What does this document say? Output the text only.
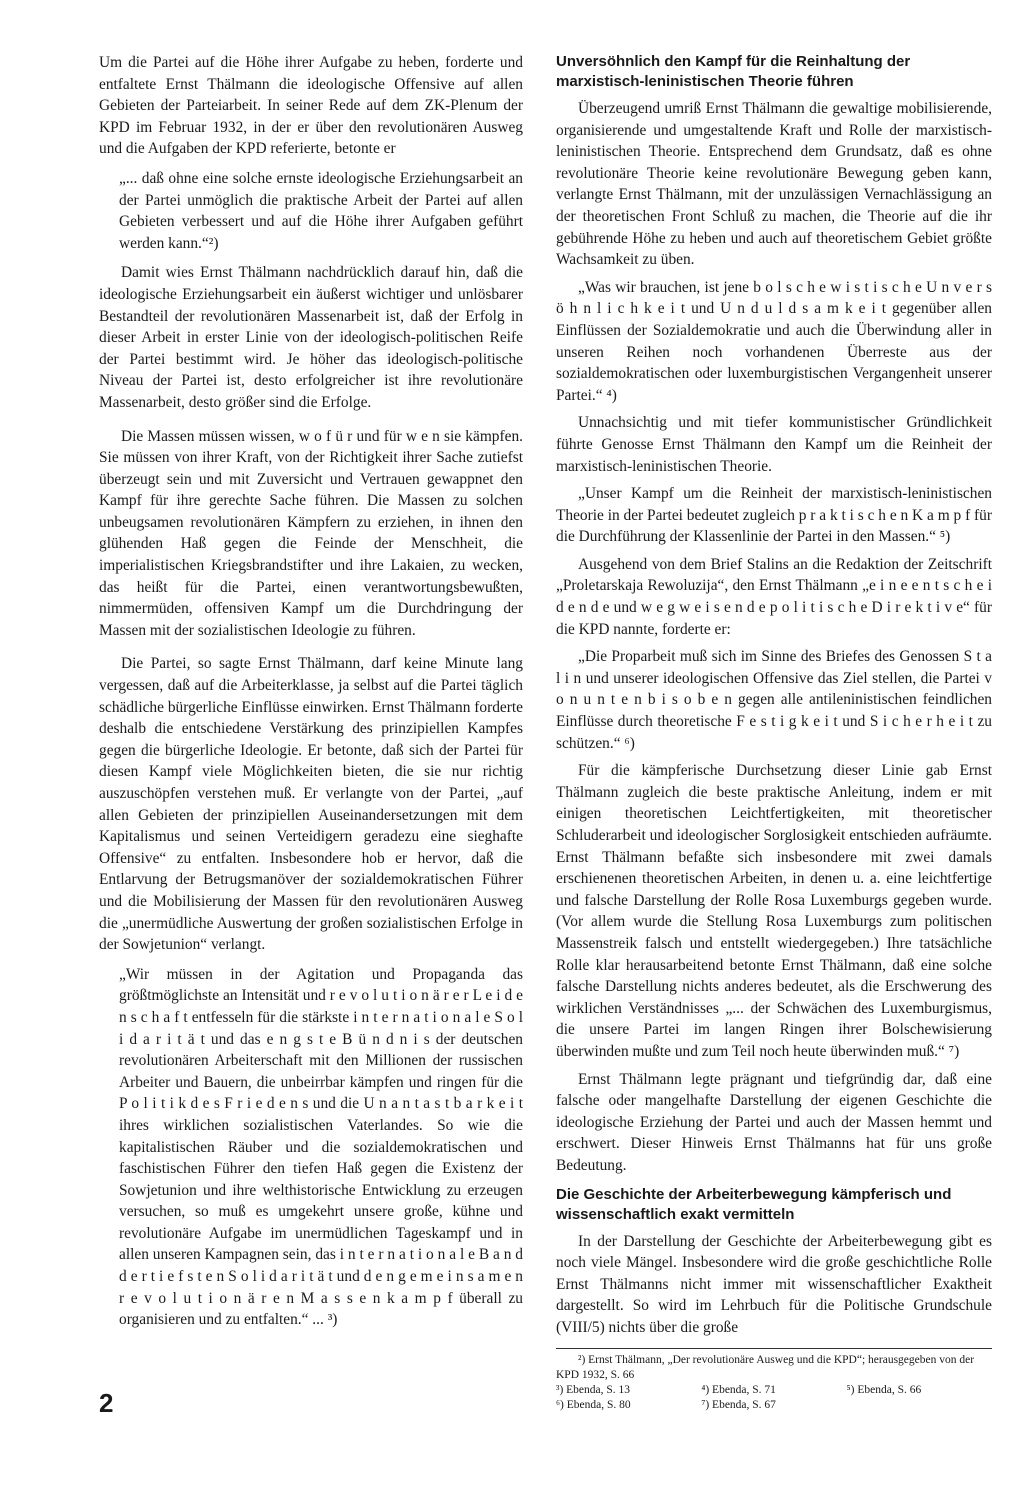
Um die Partei auf die Höhe ihrer Aufgabe zu heben, forderte und entfaltete Ernst Thälmann die ideologische Offensive auf allen Gebieten der Parteiarbeit. In seiner Rede auf dem ZK-Plenum der KPD im Februar 1932, in der er über den revolutionären Ausweg und die Aufgaben der KPD referierte, betonte er

„... daß ohne eine solche ernste ideologische Erziehungsarbeit an der Partei unmöglich die praktische Arbeit der Partei auf allen Gebieten verbessert und auf die Höhe ihrer Aufgaben geführt werden kann.“²)

Damit wies Ernst Thälmann nachdrücklich darauf hin, daß die ideologische Erziehungsarbeit ein äußerst wichtiger und unlösbarer Bestandteil der revolutionären Massenarbeit ist, daß der Erfolg in dieser Arbeit in erster Linie von der ideologisch-politischen Reife der Partei bestimmt wird. Je höher das ideologisch-politische Niveau der Partei ist, desto erfolgreicher ist ihre revolutionäre Massenarbeit, desto größer sind die Erfolge.

Die Massen müssen wissen, w o f ü r und für w e n sie kämpfen. Sie müssen von ihrer Kraft, von der Richtigkeit ihrer Sache zutiefst überzeugt sein und mit Zuversicht und Vertrauen gewappnet den Kampf für ihre gerechte Sache führen. Die Massen zu solchen unbeugsamen revolutionären Kämpfern zu erziehen, in ihnen den glühenden Haß gegen die Feinde der Menschheit, die imperialistischen Kriegsbrandstifter und ihre Lakaien, zu wecken, das heißt für die Partei, einen verantwortungsbewußten, nimmermüden, offensiven Kampf um die Durchdringung der Massen mit der sozialistischen Ideologie zu führen.

Die Partei, so sagte Ernst Thälmann, darf keine Minute lang vergessen, daß auf die Arbeiterklasse, ja selbst auf die Partei täglich schädliche bürgerliche Einflüsse einwirken. Ernst Thälmann forderte deshalb die entschiedene Verstärkung des prinzipiellen Kampfes gegen die bürgerliche Ideologie. Er betonte, daß sich der Partei für diesen Kampf viele Möglichkeiten bieten, die sie nur richtig auszuschöpfen verstehen muß. Er verlangte von der Partei, „auf allen Gebieten der prinzipiellen Auseinandersetzungen mit dem Kapitalismus und seinen Verteidigern geradezu eine sieghafte Offensive“ zu entfalten. Insbesondere hob er hervor, daß die Entlarvung der Betrugsmanöver der sozialdemokratischen Führer und die Mobilisierung der Massen für den revolutionären Ausweg die „unermüdliche Auswertung der großen sozialistischen Erfolge in der Sowjetunion“ verlangt.

„Wir müssen in der Agitation und Propaganda das größtmöglichste an Intensität und r e v o l u t i o n ä r e r L e i d e n s c h a f t entfesseln für die stärkste i n t e r n a t i o n a l e S o l i d a r i t ä t und das e n g s t e B ü n d n i s der deutschen revolutionären Arbeiterschaft mit den Millionen der russischen Arbeiter und Bauern, die unbeirrbar kämpfen und ringen für die P o l i t i k d e s F r i e d e n s und die U n a n t a s t b a r k e i t ihres wirklichen sozialistischen Vaterlandes. So wie die kapitalistischen Räuber und die sozialdemokratischen und faschistischen Führer den tiefen Haß gegen die Existenz der Sowjetunion und ihre welthistorische Entwicklung zu erzeugen versuchen, so muß es umgekehrt unsere große, kühne und revolutionäre Aufgabe im unermüdlichen Tageskampf und in allen unseren Kampagnen sein, das i n t e r n a t i o n a l e B a n d d e r t i e f s t e n S o l i d a r i t ä t und d e n g e m e i n s a m e n r e v o l u t i o n ä r e n M a s s e n k a m p f überall zu organisieren und zu entfalten.“ ... ³)

Unversöhnlich den Kampf für die Reinhaltung der marxistisch-leninistischen Theorie führen

Überzeugend umriß Ernst Thälmann die gewaltige mobilisierende, organisierende und umgestaltende Kraft und Rolle der marxistisch-leninistischen Theorie. Entsprechend dem Grundsatz, daß es ohne revolutionäre Theorie keine revolutionäre Bewegung geben kann, verlangte Ernst Thälmann, mit der unzulässigen Vernachlässigung an der theoretischen Front Schluß zu machen, die Theorie auf die ihr gebührende Höhe zu heben und auch auf theoretischem Gebiet größte Wachsamkeit zu üben.

„Was wir brauchen, ist jene b o l s c h e w i s t i s c h e U n v e r s ö h n l i c h k e i t und U n d u l d s a m k e i t gegenüber allen Einflüssen der Sozialdemokratie und auch die Überwindung aller in unseren Reihen noch vorhandenen Überreste aus der sozialdemokratischen oder luxemburgistischen Vergangenheit unserer Partei.“ ⁴)

Unnachsichtig und mit tiefer kommunistischer Gründlichkeit führte Genosse Ernst Thälmann den Kampf um die Reinheit der marxistisch-leninistischen Theorie.

„Unser Kampf um die Reinheit der marxistisch-leninistischen Theorie in der Partei bedeutet zugleich p r a k t i s c h e n K a m p f für die Durchführung der Klassenlinie der Partei in den Massen.“ ⁵)

Ausgehend von dem Brief Stalins an die Redaktion der Zeitschrift „Proletarskaja Rewoluzija“, den Ernst Thälmann „e i n e e n t s c h e i d e n d e und w e g w e i s e n d e p o l i t i s c h e D i r e k t i v e“ für die KPD nannte, forderte er:

„Die Proparbeit muß sich im Sinne des Briefes des Genossen S t a l i n und unserer ideologischen Offensive das Ziel stellen, die Partei v o n u n t e n b i s o b e n gegen alle antileninistischen feindlichen Einflüsse durch theoretische F e s t i g k e i t und S i c h e r h e i t zu schützen.“ ⁶)

Für die kämpferische Durchsetzung dieser Linie gab Ernst Thälmann zugleich die beste praktische Anleitung, indem er mit einigen theoretischen Leichtfertigkeiten, mit theoretischer Schluderarbeit und ideologischer Sorglosigkeit entschieden aufräumte. Ernst Thälmann befaßte sich insbesondere mit zwei damals erschienenen theoretischen Arbeiten, in denen u. a. eine leichtfertige und falsche Darstellung der Rolle Rosa Luxemburgs gegeben wurde. (Vor allem wurde die Stellung Rosa Luxemburgs zum politischen Massenstreik falsch und entstellt wiedergegeben.) Ihre tatsächliche Rolle klar herausarbeitend betonte Ernst Thälmann, daß eine solche falsche Darstellung nichts anderes bedeutet, als die Erschwerung des wirklichen Verständnisses „... der Schwächen des Luxemburgismus, die unsere Partei im langen Ringen ihrer Bolschewisierung überwinden mußte und zum Teil noch heute überwinden muß.“ ⁷)

Ernst Thälmann legte prägnant und tiefgründig dar, daß eine falsche oder mangelhafte Darstellung der eigenen Geschichte die ideologische Erziehung der Partei und auch der Massen hemmt und erschwert. Dieser Hinweis Ernst Thälmanns hat für uns große Bedeutung.

Die Geschichte der Arbeiterbewegung kämpferisch und wissenschaftlich exakt vermitteln

In der Darstellung der Geschichte der Arbeiterbewegung gibt es noch viele Mängel. Insbesondere wird die große geschichtliche Rolle Ernst Thälmanns nicht immer mit wissenschaftlicher Exaktheit dargestellt. So wird im Lehrbuch für die Politische Grundschule (VIII/5) nichts über die große

²) Ernst Thälmann, „Der revolutionäre Ausweg und die KPD“; herausgegeben von der KPD 1932, S. 66

³) Ebenda, S. 13	⁴) Ebenda, S. 71	⁵) Ebenda, S. 66
⁶) Ebenda, S. 80	⁷) Ebenda, S. 67
2
